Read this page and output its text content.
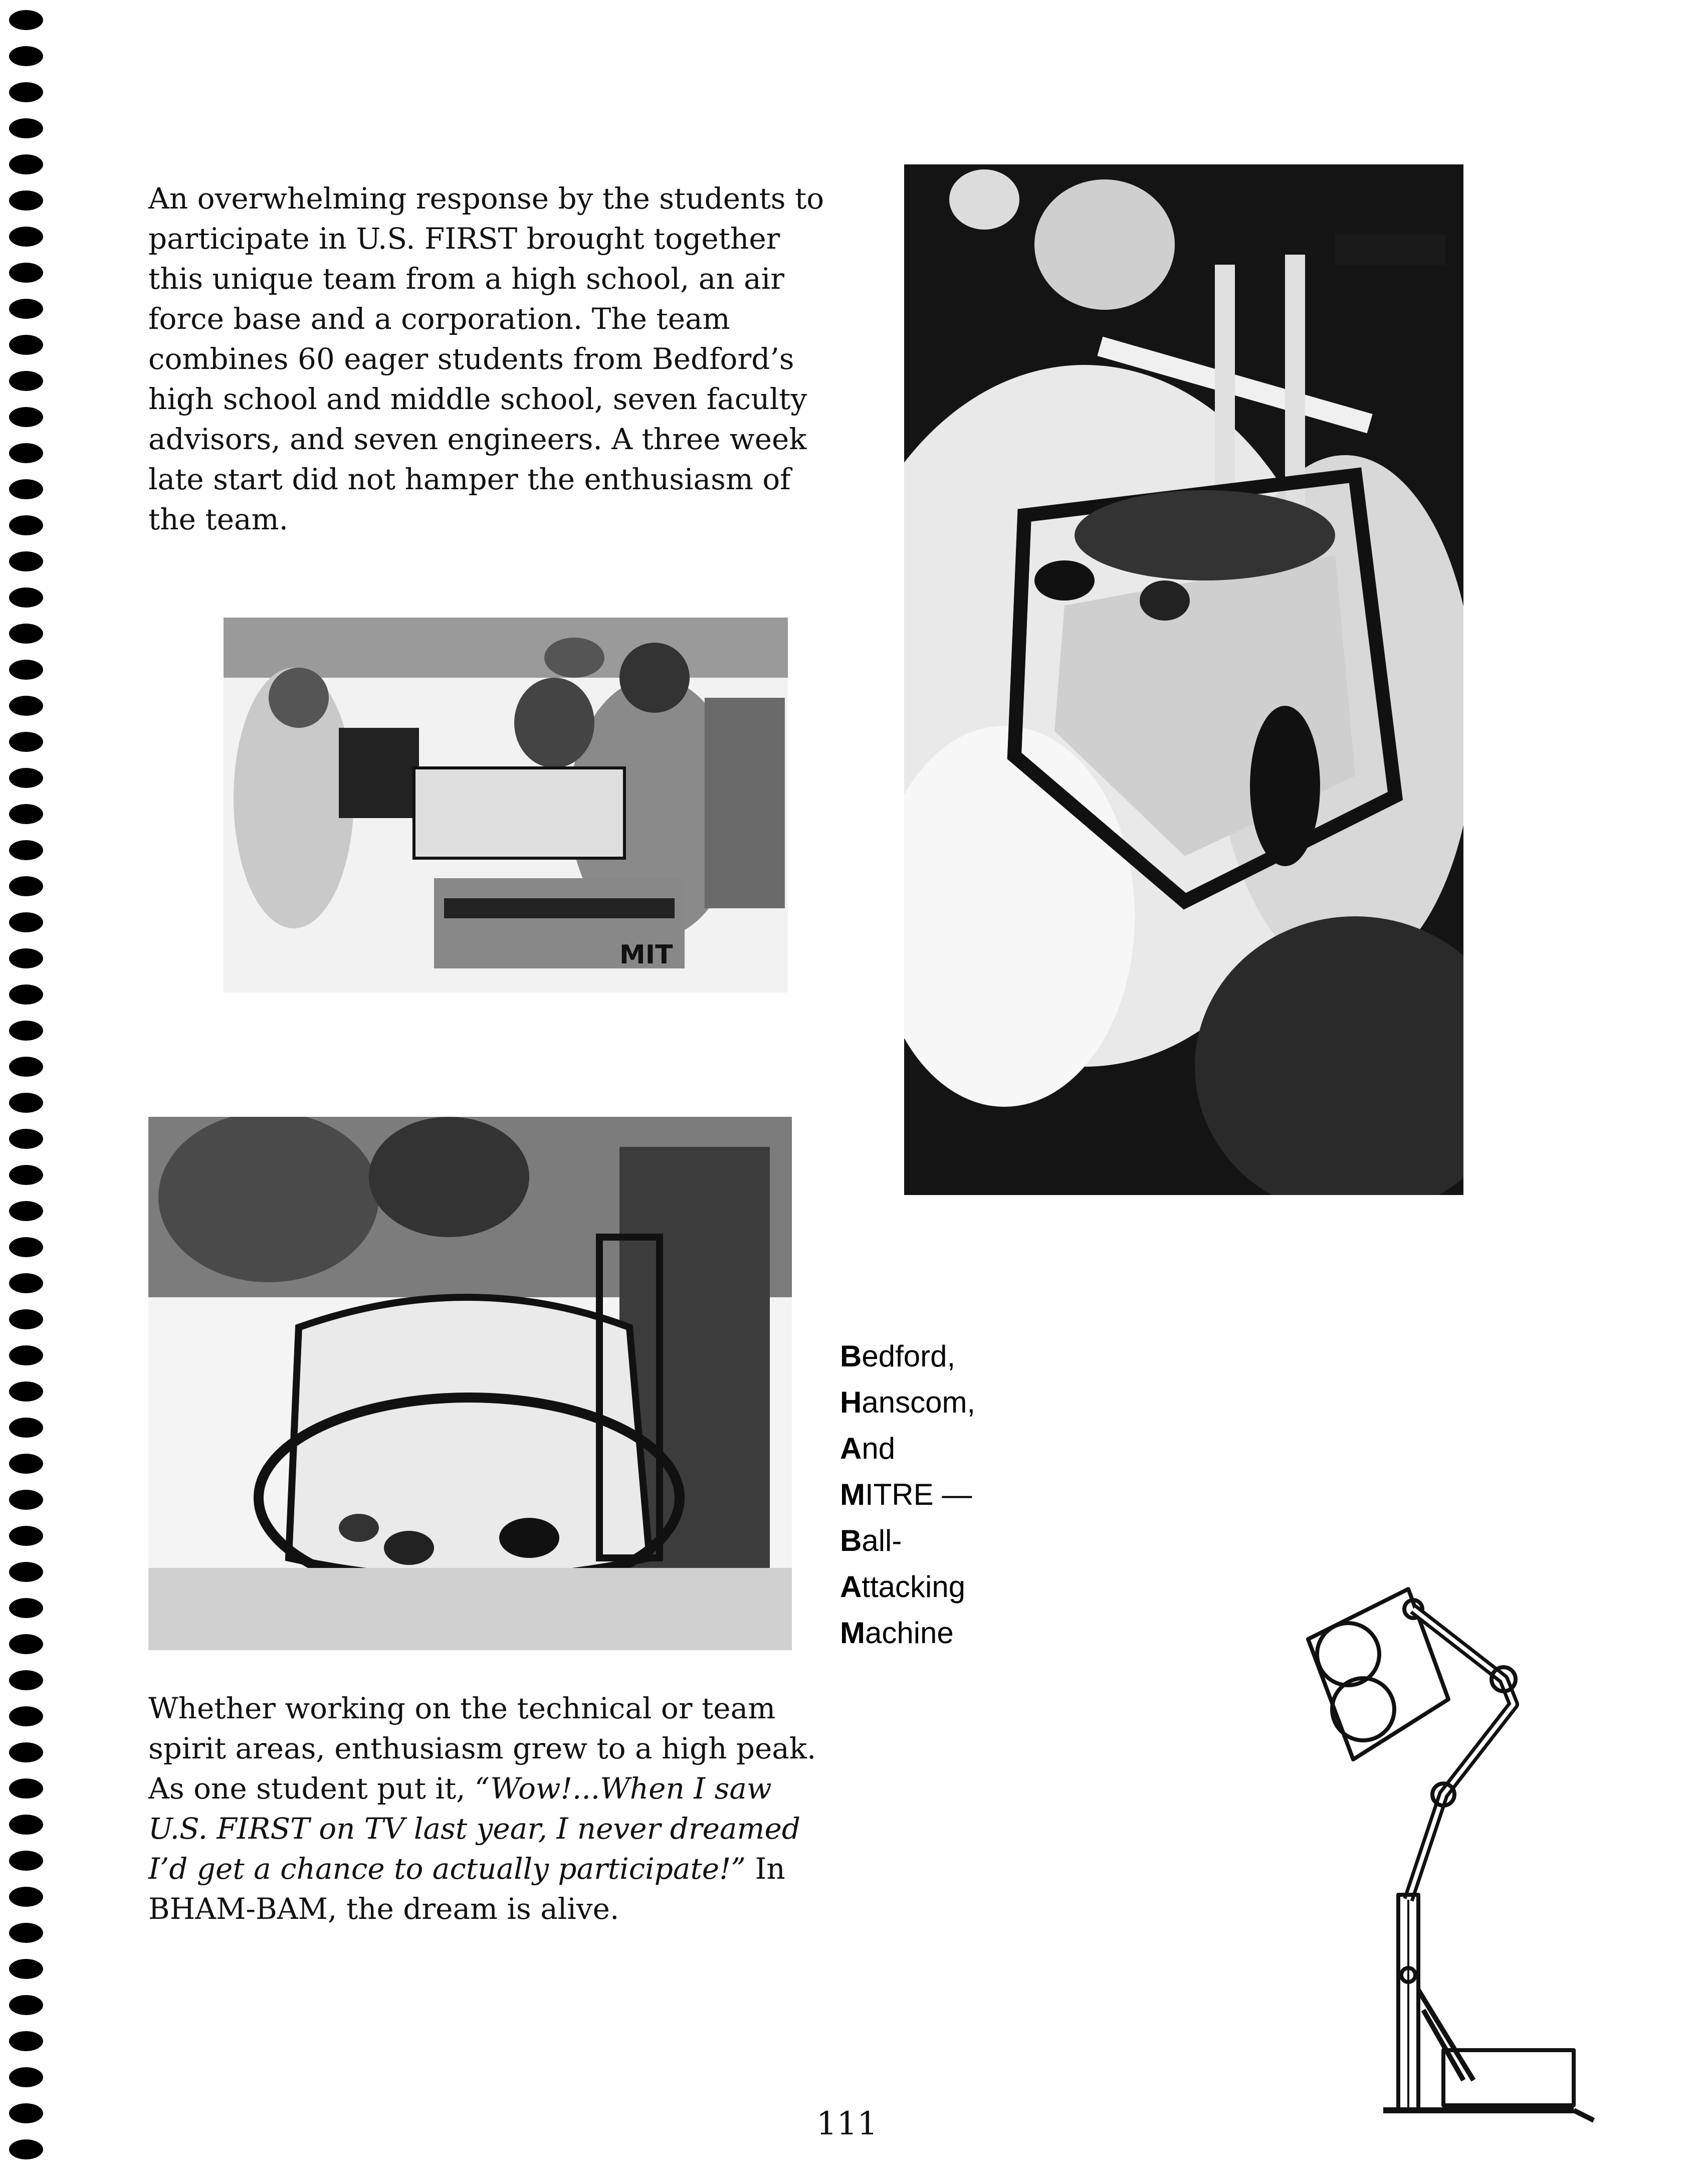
An overwhelming response by the students to participate in U.S. FIRST brought together this unique team from a high school, an air force base and a corporation. The team combines 60 eager students from Bedford’s high school and middle school, seven faculty advisors, and seven engineers. A three week late start did not hamper the enthusiasm of the team.

MIT
Bedford,
Hanscom,
And
MITRE —
Ball-
Attacking
Machine

Whether working on the technical or team spirit areas, enthusiasm grew to a high peak. As one student put it, “Wow!...When I saw U.S. FIRST on TV last year, I never dreamed I’d get a chance to actually participate!” In BHAM-BAM, the dream is alive.

111
